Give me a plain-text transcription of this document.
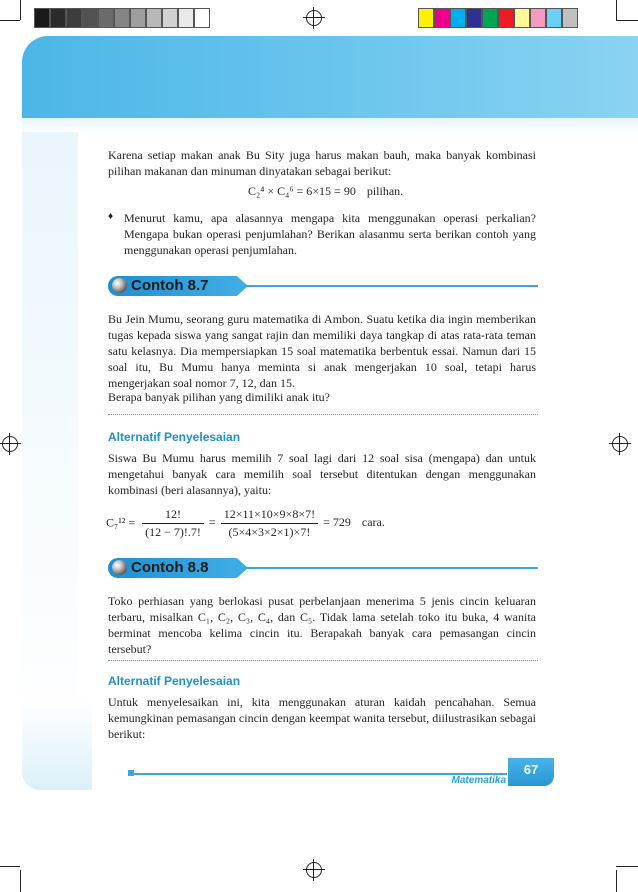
Karena setiap makan anak Bu Sity juga harus makan bauh, maka banyak kombinasi pilihan makanan dan minuman dinyatakan sebagai berikut:

C₂⁴ × C₄⁶ = 6×15 = 90 pilihan.
♦ Menurut kamu, apa alasannya mengapa kita menggunakan operasi perkalian? Mengapa bukan operasi penjumlahan? Berikan alasanmu serta berikan contoh yang menggunakan operasi penjumlahan.

Contoh 8.7

Bu Jein Mumu, seorang guru matematika di Ambon. Suatu ketika dia ingin memberikan tugas kepada siswa yang sangat rajin dan memiliki daya tangkap di atas rata-rata teman satu kelasnya. Dia mempersiapkan 15 soal matematika berbentuk essai. Namun dari 15 soal itu, Bu Mumu hanya meminta si anak mengerjakan 10 soal, tetapi harus mengerjakan soal nomor 7, 12, dan 15.

Berapa banyak pilihan yang dimiliki anak itu?

Alternatif Penyelesaian

Siswa Bu Mumu harus memilih 7 soal lagi dari 12 soal sisa (mengapa) dan untuk mengetahui banyak cara memilih soal tersebut ditentukan dengan menggunakan kombinasi (beri alasannya), yaitu:

$C_7^{12} = \frac{12!}{(12 - 7)!.7!} = \frac{12\times 11\times 10\times 9\times 8\times 7!}{(5\times 4\times 3\times 2\times 1)\times 7!} = 729$ cara.
Contoh 8.8

Toko perhiasan yang berlokasi pusat perbelanjaan menerima 5 jenis cincin keluaran terbaru, misalkan C₁, C₂, C₃, C₄, dan C₅. Tidak lama setelah toko itu buka, 4 wanita berminat mencoba kelima cincin itu. Berapakah banyak cara pemasangan cincin tersebut?

Alternatif Penyelesaian

Untuk menyelesaikan ini, kita menggunakan aturan kaidah pencahahan. Semua kemungkinan pemasangan cincin dengan keempat wanita tersebut, diilustrasikan sebagai berikut:

Matematika
67
